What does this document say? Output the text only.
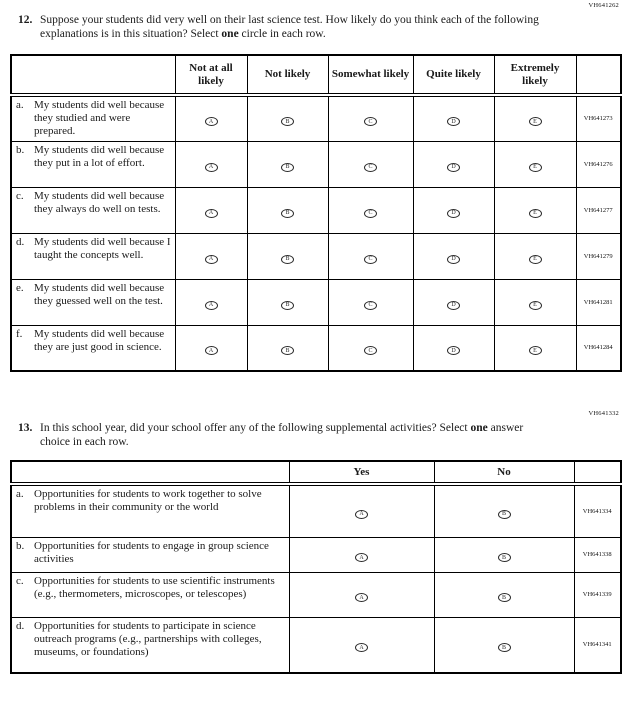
VH641262
12. Suppose your students did very well on their last science test. How likely do you think each of the following explanations is in this situation? Select one circle in each row.
	Not at all likely	Not likely	Somewhat likely	Quite likely	Extremely likely	

a. My students did well because they studied and were prepared.	A	B	C	D	E	VH641273

b. My students did well because they put in a lot of effort.	A	B	C	D	E	VH641276

c. My students did well because they always do well on tests.	A	B	C	D	E	VH641277

d. My students did well because I taught the concepts well.	A	B	C	D	E	VH641279

e. My students did well because they guessed well on the test.	A	B	C	D	E	VH641281

f. My students did well because they are just good in science.	A	B	C	D	E	VH641284
VH641332
13. In this school year, did your school offer any of the following supplemental activities? Select one answer choice in each row.
	Yes	No	

a. Opportunities for students to work together to solve problems in their community or the world	A	B	VH641334

b. Opportunities for students to engage in group science activities	A	B	VH641338

c. Opportunities for students to use scientific instruments (e.g., thermometers, microscopes, or telescopes)	A	B	VH641339

d. Opportunities for students to participate in science outreach programs (e.g., partnerships with colleges, museums, or foundations)	A	B	VH641341
